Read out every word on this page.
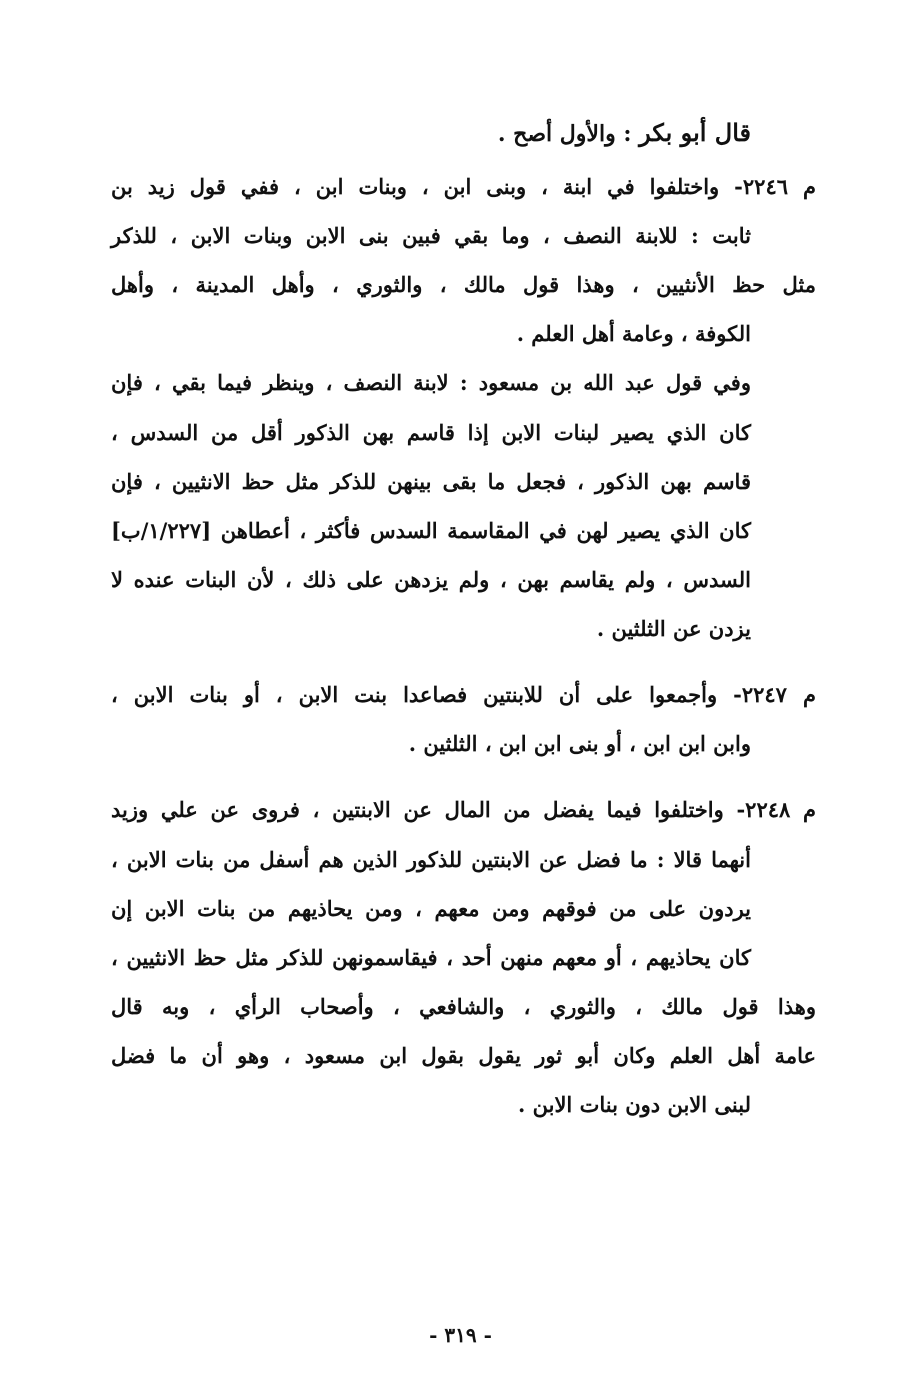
قال أبو بكر : والأول أصح .
م ٢٢٤٦- واختلفوا في ابنة ، وبنى ابن ، وبنات ابن ، ففي قول زيد بن
ثابت : للابنة النصف ، وما بقي فبين بنى الابن وبنات الابن ، للذكر
مثل حظ الأنثيين ، وهذا قول مالك ، والثوري ، وأهل المدينة ، وأهل
الكوفة ، وعامة أهل العلم .
وفي قول عبد الله بن مسعود : لابنة النصف ، وينظر فيما بقي ، فإن
كان الذي يصير لبنات الابن إذا قاسم بهن الذكور أقل من السدس ،
قاسم بهن الذكور ، فجعل ما بقى بينهن للذكر مثل حظ الانثيين ، فإن
كان الذي يصير لهن في المقاسمة السدس فأكثر ، أعطاهن [١/٢٢٧/ب]
السدس ، ولم يقاسم بهن ، ولم يزدهن على ذلك ، لأن البنات عنده لا
يزدن عن الثلثين .
م ٢٢٤٧- وأجمعوا على أن للابنتين فصاعدا بنت الابن ، أو بنات الابن ،
وابن ابن ابن ، أو بنى ابن ابن ، الثلثين .
م ٢٢٤٨- واختلفوا فيما يفضل من المال عن الابنتين ، فروى عن علي وزيد
أنهما قالا : ما فضل عن الابنتين للذكور الذين هم أسفل من بنات الابن ،
يردون على من فوقهم ومن معهم ، ومن يحاذيهم من بنات الابن إن
كان يحاذيهم ، أو معهم منهن أحد ، فيقاسمونهن للذكر مثل حظ الانثيين ،
وهذا قول مالك ، والثوري ، والشافعي ، وأصحاب الرأي ، وبه قال
عامة أهل العلم وكان أبو ثور يقول بقول ابن مسعود ، وهو أن ما فضل
لبنى الابن دون بنات الابن .
- ٣١٩ -
